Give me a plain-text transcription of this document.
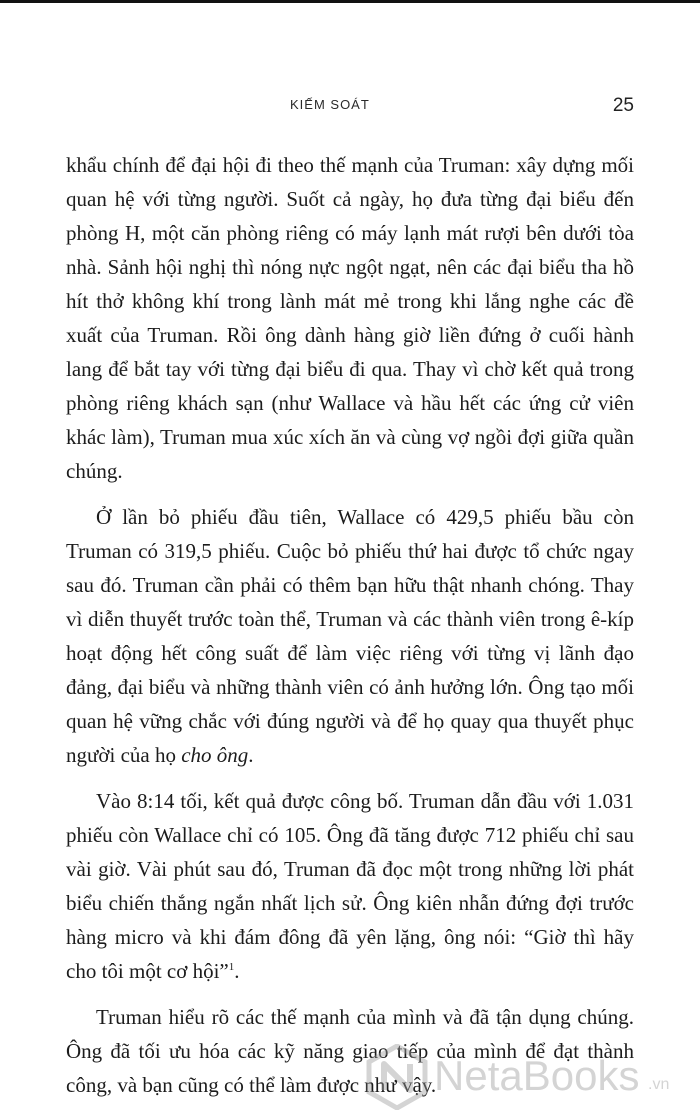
KIẾM SOÁT	25

khẩu chính để đại hội đi theo thế mạnh của Truman: xây dựng mối quan hệ với từng người. Suốt cả ngày, họ đưa từng đại biểu đến phòng H, một căn phòng riêng có máy lạnh mát rượi bên dưới tòa nhà. Sảnh hội nghị thì nóng nực ngột ngạt, nên các đại biểu tha hồ hít thở không khí trong lành mát mẻ trong khi lắng nghe các đề xuất của Truman. Rồi ông dành hàng giờ liền đứng ở cuối hành lang để bắt tay với từng đại biểu đi qua. Thay vì chờ kết quả trong phòng riêng khách sạn (như Wallace và hầu hết các ứng cử viên khác làm), Truman mua xúc xích ăn và cùng vợ ngồi đợi giữa quần chúng.

Ở lần bỏ phiếu đầu tiên, Wallace có 429,5 phiếu bầu còn Truman có 319,5 phiếu. Cuộc bỏ phiếu thứ hai được tổ chức ngay sau đó. Truman cần phải có thêm bạn hữu thật nhanh chóng. Thay vì diễn thuyết trước toàn thể, Truman và các thành viên trong ê-kíp hoạt động hết công suất để làm việc riêng với từng vị lãnh đạo đảng, đại biểu và những thành viên có ảnh hưởng lớn. Ông tạo mối quan hệ vững chắc với đúng người và để họ quay qua thuyết phục người của họ cho ông.

Vào 8:14 tối, kết quả được công bố. Truman dẫn đầu với 1.031 phiếu còn Wallace chỉ có 105. Ông đã tăng được 712 phiếu chỉ sau vài giờ. Vài phút sau đó, Truman đã đọc một trong những lời phát biểu chiến thắng ngắn nhất lịch sử. Ông kiên nhẫn đứng đợi trước hàng micro và khi đám đông đã yên lặng, ông nói: “Giờ thì hãy cho tôi một cơ hội”$^1$.

Truman hiểu rõ các thế mạnh của mình và đã tận dụng chúng. Ông đã tối ưu hóa các kỹ năng giao tiếp của mình để đạt thành công, và bạn cũng có thể làm được như vậy.

NetaBooks .vn
